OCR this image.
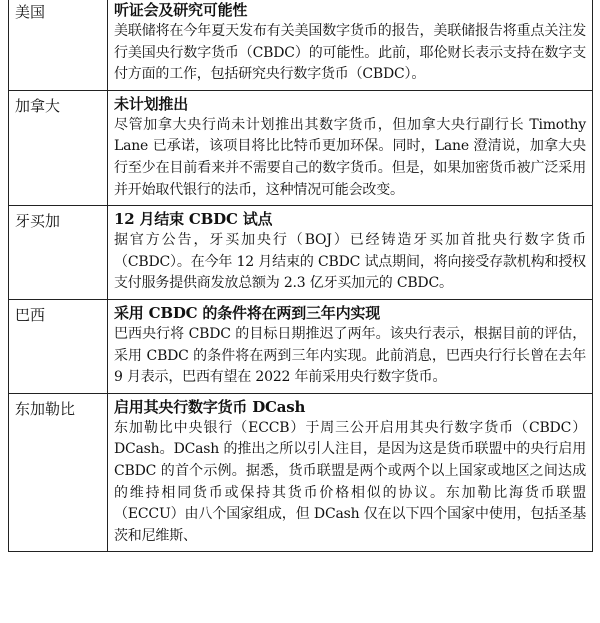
美国	听证会及研究可能性
美联储将在今年夏天发布有关美国数字货币的报告，美联储报告将重点关注发行美国央行数字货币（CBDC）的可能性。此前，耶伦财长表示支持在数字支付方面的工作，包括研究央行数字货币（CBDC）。

加拿大	未计划推出
尽管加拿大央行尚未计划推出其数字货币，但加拿大央行副行长 Timothy Lane 已承诺，该项目将比比特币更加环保。同时，Lane 澄清说，加拿大央行至少在目前看来并不需要自己的数字货币。但是，如果加密货币被广泛采用并开始取代银行的法币，这种情况可能会改变。

牙买加	12 月结束 CBDC 试点
据官方公告，牙买加央行（BOJ）已经铸造牙买加首批央行数字货币（CBDC）。在今年 12 月结束的 CBDC 试点期间，将向接受存款机构和授权支付服务提供商发放总额为 2.3 亿牙买加元的 CBDC。

巴西	采用 CBDC 的条件将在两到三年内实现
巴西央行将 CBDC 的目标日期推迟了两年。该央行表示，根据目前的评估，采用 CBDC 的条件将在两到三年内实现。此前消息，巴西央行行长曾在去年 9 月表示，巴西有望在 2022 年前采用央行数字货币。

东加勒比	启用其央行数字货币 DCash
东加勒比中央银行（ECCB）于周三公开启用其央行数字货币（CBDC）DCash。DCash 的推出之所以引人注目，是因为这是货币联盟中的央行启用 CBDC 的首个示例。据悉，货币联盟是两个或两个以上国家或地区之间达成的维持相同货币或保持其货币价格相似的协议。东加勒比海货币联盟（ECCU）由八个国家组成，但 DCash 仅在以下四个国家中使用，包括圣基茨和尼维斯、
